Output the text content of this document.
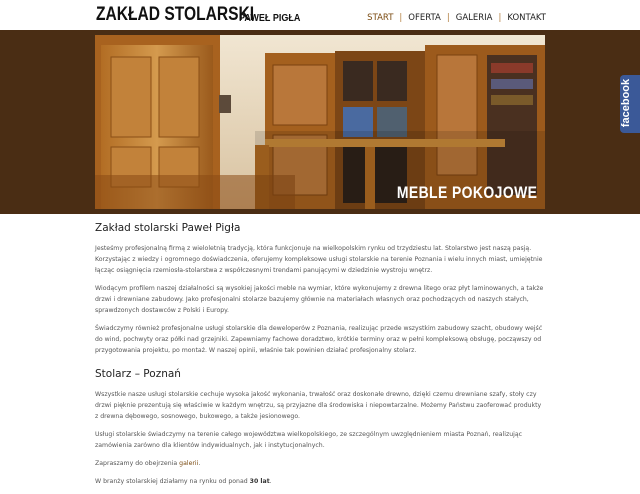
ZAKŁAD STOLARSKI
PAWEŁ PIGŁA	START | OFERTA | GALERIA | KONTAKT
MEBLE POKOJOWE
facebook
Zakład stolarski Paweł Pigła

Jesteśmy profesjonalną firmą z wieloletnią tradycją, która funkcjonuje na wielkopolskim rynku od trzydziestu lat. Stolarstwo jest naszą pasją. Korzystając z wiedzy i ogromnego doświadczenia, oferujemy kompleksowe usługi stolarskie na terenie Poznania i wielu innych miast, umiejętnie łącząc osiągnięcia rzemiosła-stolarstwa z współczesnymi trendami panującymi w dziedzinie wystroju wnętrz.

Wiodącym profilem naszej działalności są wysokiej jakości meble na wymiar, które wykonujemy z drewna litego oraz płyt laminowanych, a także drzwi i drewniane zabudowy. Jako profesjonalni stolarze bazujemy głównie na materiałach własnych oraz pochodzących od naszych stałych, sprawdzonych dostawców z Polski i Europy.

Świadczymy również profesjonalne usługi stolarskie dla deweloperów z Poznania, realizując przede wszystkim zabudowy szacht, obudowy wejść do wind, pochwyty oraz półki nad grzejniki. Zapewniamy fachowe doradztwo, krótkie terminy oraz w pełni kompleksową obsługę, począwszy od przygotowania projektu, po montaż. W naszej opinii, właśnie tak powinien działać profesjonalny stolarz.

Stolarz – Poznań

Wszystkie nasze usługi stolarskie cechuje wysoka jakość wykonania, trwałość oraz doskonałe drewno, dzięki czemu drewniane szafy, stoły czy drzwi pięknie prezentują się właściwie w każdym wnętrzu, są przyjazne dla środowiska i niepowtarzalne. Możemy Państwu zaoferować produkty z drewna dębowego, sosnowego, bukowego, a także jesionowego.

Usługi stolarskie świadczymy na terenie całego województwa wielkopolskiego, ze szczególnym uwzględnieniem miasta Poznań, realizując zamówienia zarówno dla klientów indywidualnych, jak i instytucjonalnych.

Zapraszamy do obejrzenia galerii.

W branży stolarskiej działamy na rynku od ponad 30 lat.
